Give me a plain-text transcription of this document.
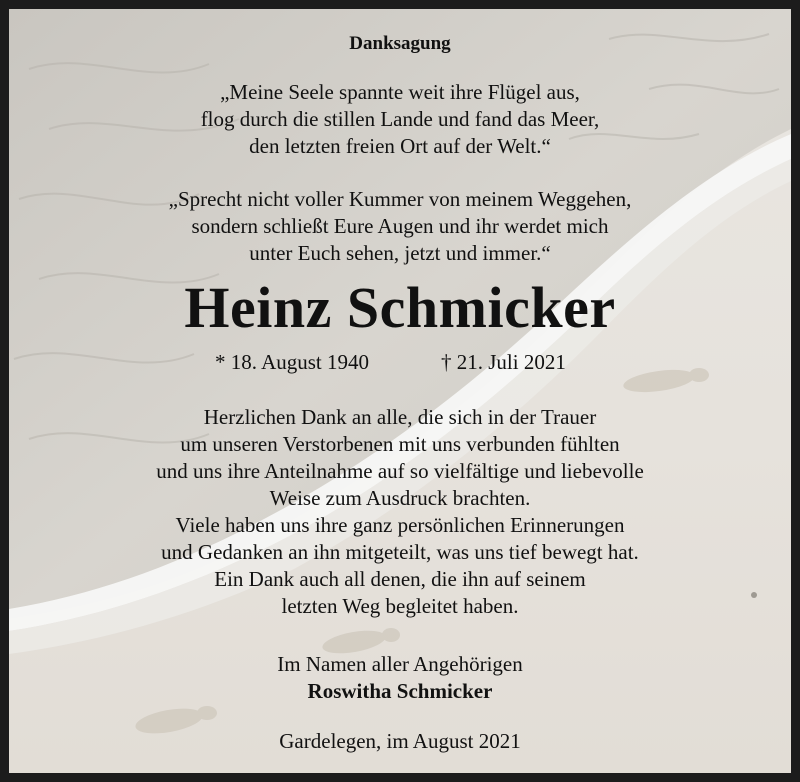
Danksagung
„Meine Seele spannte weit ihre Flügel aus,
flog durch die stillen Lande und fand das Meer,
den letzten freien Ort auf der Welt.“
„Sprecht nicht voller Kummer von meinem Weggehen,
sondern schließt Eure Augen und ihr werdet mich
unter Euch sehen, jetzt und immer.“
Heinz Schmicker
* 18. August 1940	† 21. Juli 2021
Herzlichen Dank an alle, die sich in der Trauer
um unseren Verstorbenen mit uns verbunden fühlten
und uns ihre Anteilnahme auf so vielfältige und liebevolle
Weise zum Ausdruck brachten.
Viele haben uns ihre ganz persönlichen Erinnerungen
und Gedanken an ihn mitgeteilt, was uns tief bewegt hat.
Ein Dank auch all denen, die ihn auf seinem
letzten Weg begleitet haben.
Im Namen aller Angehörigen
Roswitha Schmicker
Gardelegen, im August 2021
